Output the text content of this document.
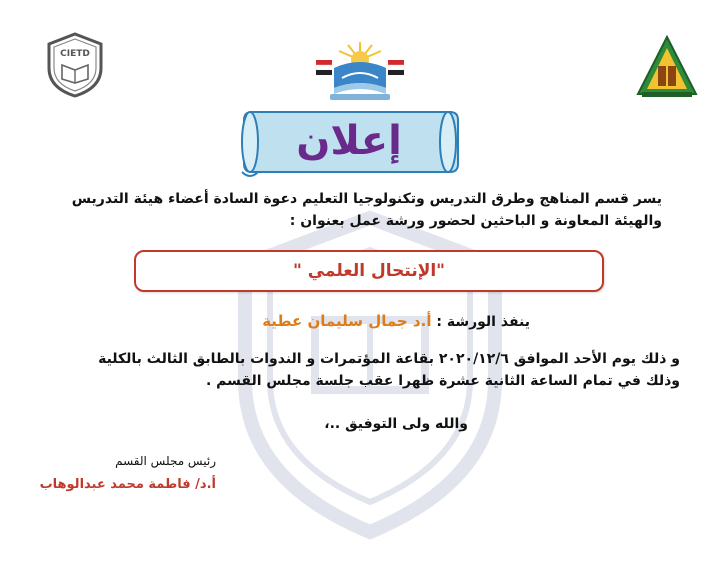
CIETD
إعلان

يسر قسم المناهج وطرق التدريس وتكنولوجيا التعليم دعوة السادة أعضاء هيئة التدريس

والهيئة المعاونة و الباحثين لحضور ورشة عمل بعنوان :

"الإنتحال العلمي "
ينفذ الورشة : أ.د جمال سليمان عطية

و ذلك يوم الأحد الموافق ٢٠٢٠/١٢/٦ بقاعة المؤتمرات و الندوات بالطابق الثالث بالكلية

وذلك في تمام الساعة الثانية عشرة ظهرا عقب جلسة مجلس القسم .

والله ولى التوفيق ..،
رئيس مجلس القسم
أ.د/ فاطمة محمد عبدالوهاب
